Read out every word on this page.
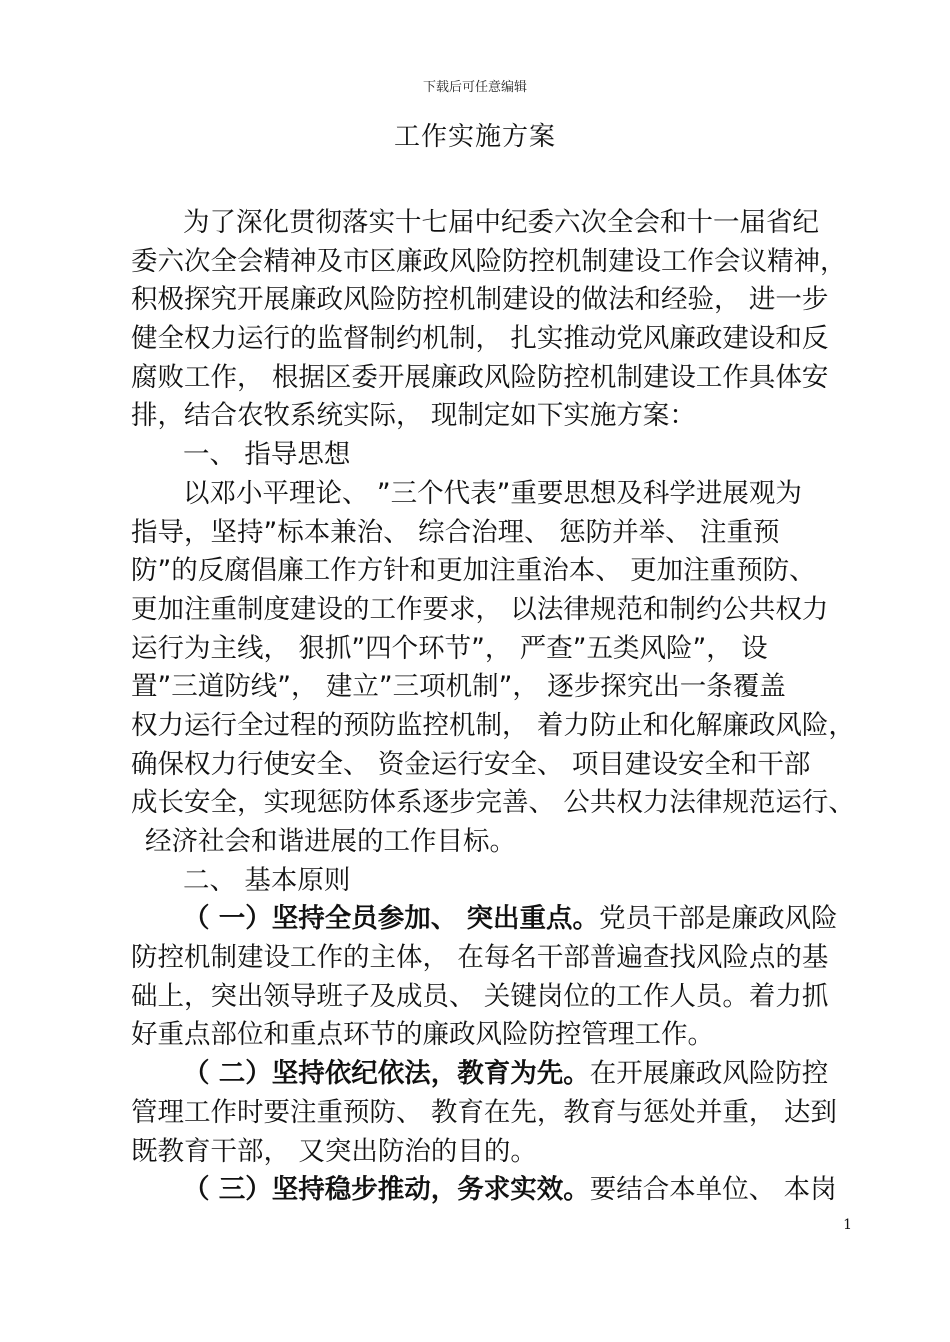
下载后可任意编辑
工作实施方案
为了深化贯彻落实十七届中纪委六次全会和十一届省纪
委六次全会精神及市区廉政风险防控机制建设工作会议精神，
积极探究开展廉政风险防控机制建设的做法和经验， 进一步
健全权力运行的监督制约机制， 扎实推动党风廉政建设和反
腐败工作， 根据区委开展廉政风险防控机制建设工作具体安
排，结合农牧系统实际， 现制定如下实施方案：
一、 指导思想
以邓小平理论、 ”三个代表”重要思想及科学进展观为
指导，坚持”标本兼治、 综合治理、 惩防并举、 注重预
防”的反腐倡廉工作方针和更加注重治本、 更加注重预防、
更加注重制度建设的工作要求， 以法律规范和制约公共权力
运行为主线， 狠抓”四个环节”， 严查”五类风险”， 设
置”三道防线”， 建立”三项机制”， 逐步探究出一条覆盖
权力运行全过程的预防监控机制， 着力防止和化解廉政风险，
确保权力行使安全、 资金运行安全、 项目建设安全和干部
成长安全，实现惩防体系逐步完善、 公共权力法律规范运行、
经济社会和谐进展的工作目标。
二、 基本原则
（ 一）坚持全员参加、 突出重点。党员干部是廉政风险
防控机制建设工作的主体， 在每名干部普遍查找风险点的基
础上，突出领导班子及成员、 关键岗位的工作人员。着力抓
好重点部位和重点环节的廉政风险防控管理工作。
（ 二）坚持依纪依法，教育为先。在开展廉政风险防控
管理工作时要注重预防、 教育在先，教育与惩处并重， 达到
既教育干部， 又突出防治的目的。
（ 三）坚持稳步推动，务求实效。要结合本单位、 本岗
1
